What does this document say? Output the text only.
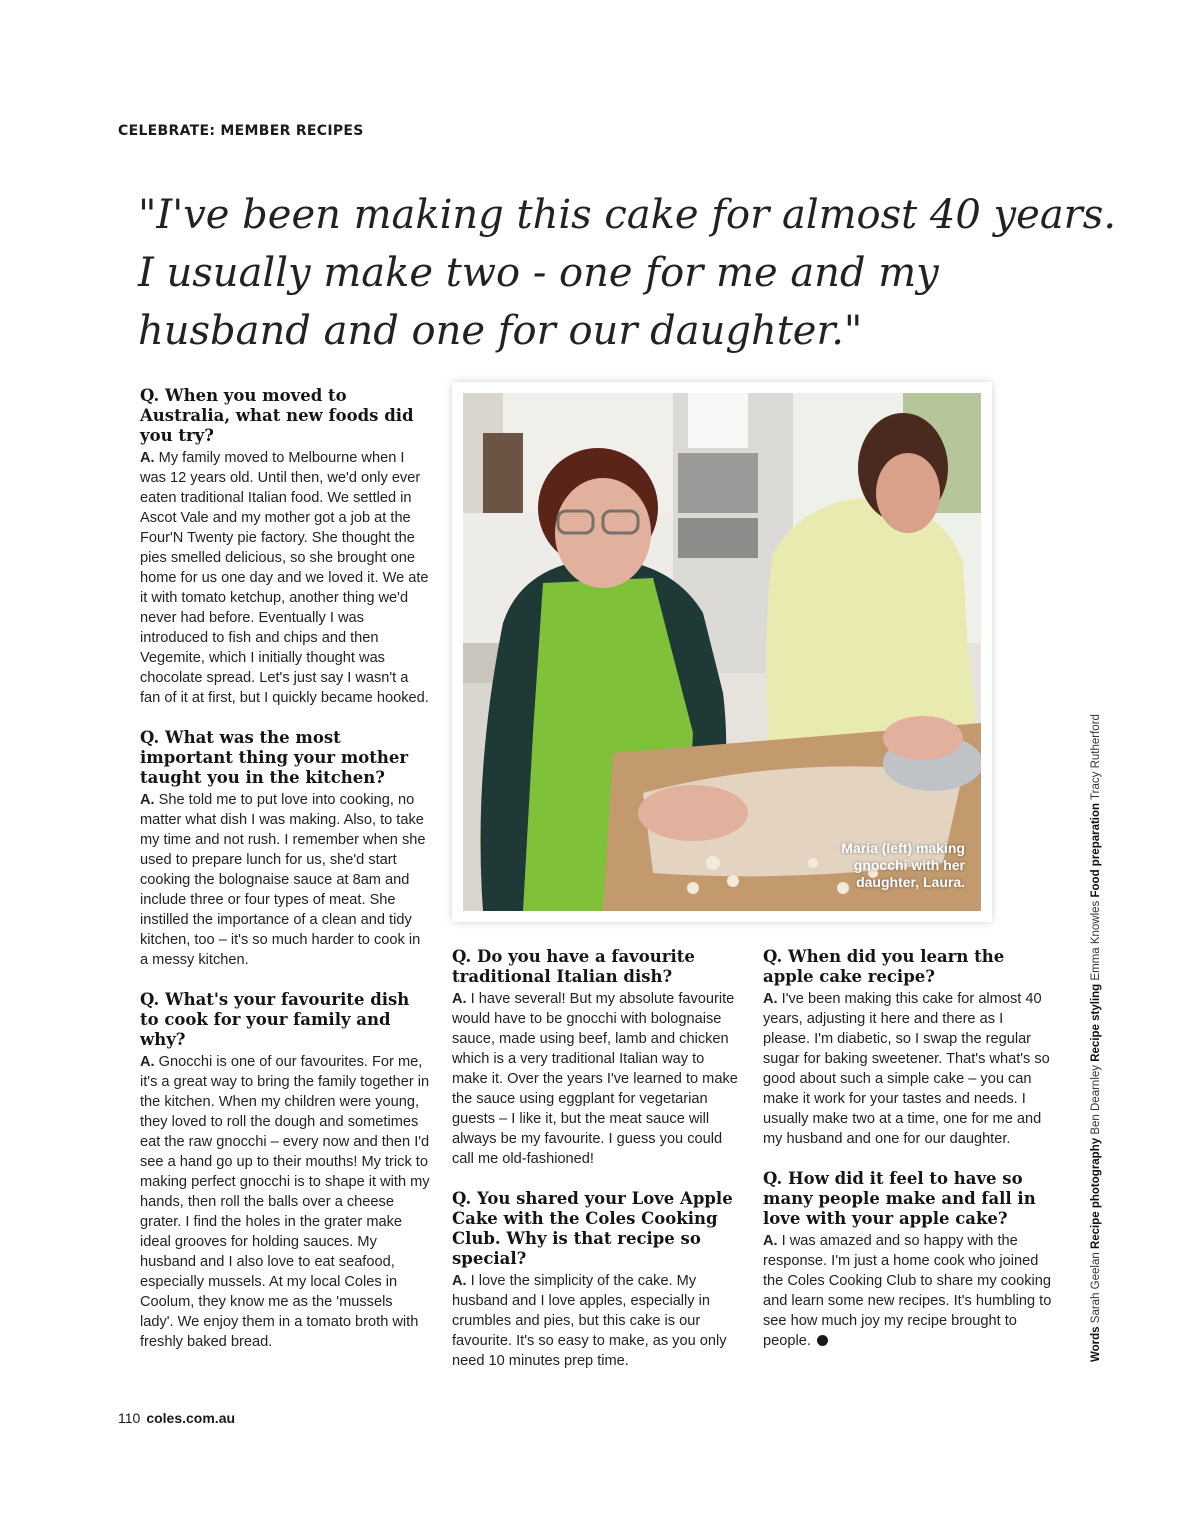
CELEBRATE: MEMBER RECIPES
"I've been making this cake for almost 40 years.
I usually make two - one for me and my
husband and one for our daughter."

Q. When you moved to Australia, what new foods did you try?

A. My family moved to Melbourne when I was 12 years old. Until then, we'd only ever eaten traditional Italian food. We settled in Ascot Vale and my mother got a job at the Four'N Twenty pie factory. She thought the pies smelled delicious, so she brought one home for us one day and we loved it. We ate it with tomato ketchup, another thing we'd never had before. Eventually I was introduced to fish and chips and then Vegemite, which I initially thought was chocolate spread. Let's just say I wasn't a fan of it at first, but I quickly became hooked.

Q. What was the most important thing your mother taught you in the kitchen?

A. She told me to put love into cooking, no matter what dish I was making. Also, to take my time and not rush. I remember when she used to prepare lunch for us, she'd start cooking the bolognaise sauce at 8am and include three or four types of meat. She instilled the importance of a clean and tidy kitchen, too – it's so much harder to cook in a messy kitchen.

Q. What's your favourite dish to cook for your family and why?

A. Gnocchi is one of our favourites. For me, it's a great way to bring the family together in the kitchen. When my children were young, they loved to roll the dough and sometimes eat the raw gnocchi – every now and then I'd see a hand go up to their mouths! My trick to making perfect gnocchi is to shape it with my hands, then roll the balls over a cheese grater. I find the holes in the grater make ideal grooves for holding sauces. My husband and I also love to eat seafood, especially mussels. At my local Coles in Coolum, they know me as the 'mussels lady'. We enjoy them in a tomato broth with freshly baked bread.

Maria (left) making gnocchi with her daughter, Laura.

Q. Do you have a favourite traditional Italian dish?

A. I have several! But my absolute favourite would have to be gnocchi with bolognaise sauce, made using beef, lamb and chicken which is a very traditional Italian way to make it. Over the years I've learned to make the sauce using eggplant for vegetarian guests – I like it, but the meat sauce will always be my favourite. I guess you could call me old-fashioned!

Q. You shared your Love Apple Cake with the Coles Cooking Club. Why is that recipe so special?

A. I love the simplicity of the cake. My husband and I love apples, especially in crumbles and pies, but this cake is our favourite. It's so easy to make, as you only need 10 minutes prep time.

Q. When did you learn the apple cake recipe?

A. I've been making this cake for almost 40 years, adjusting it here and there as I please. I'm diabetic, so I swap the regular sugar for baking sweetener. That's what's so good about such a simple cake – you can make it work for your tastes and needs. I usually make two at a time, one for me and my husband and one for our daughter.

Q. How did it feel to have so many people make and fall in love with your apple cake?

A. I was amazed and so happy with the response. I'm just a home cook who joined the Coles Cooking Club to share my cooking and learn some new recipes. It's humbling to see how much joy my recipe brought to people.	Words Sarah Geelan Recipe photography Ben Dearnley Recipe styling Emma Knowles Food preparation Tracy Rutherford
110 coles.com.au
